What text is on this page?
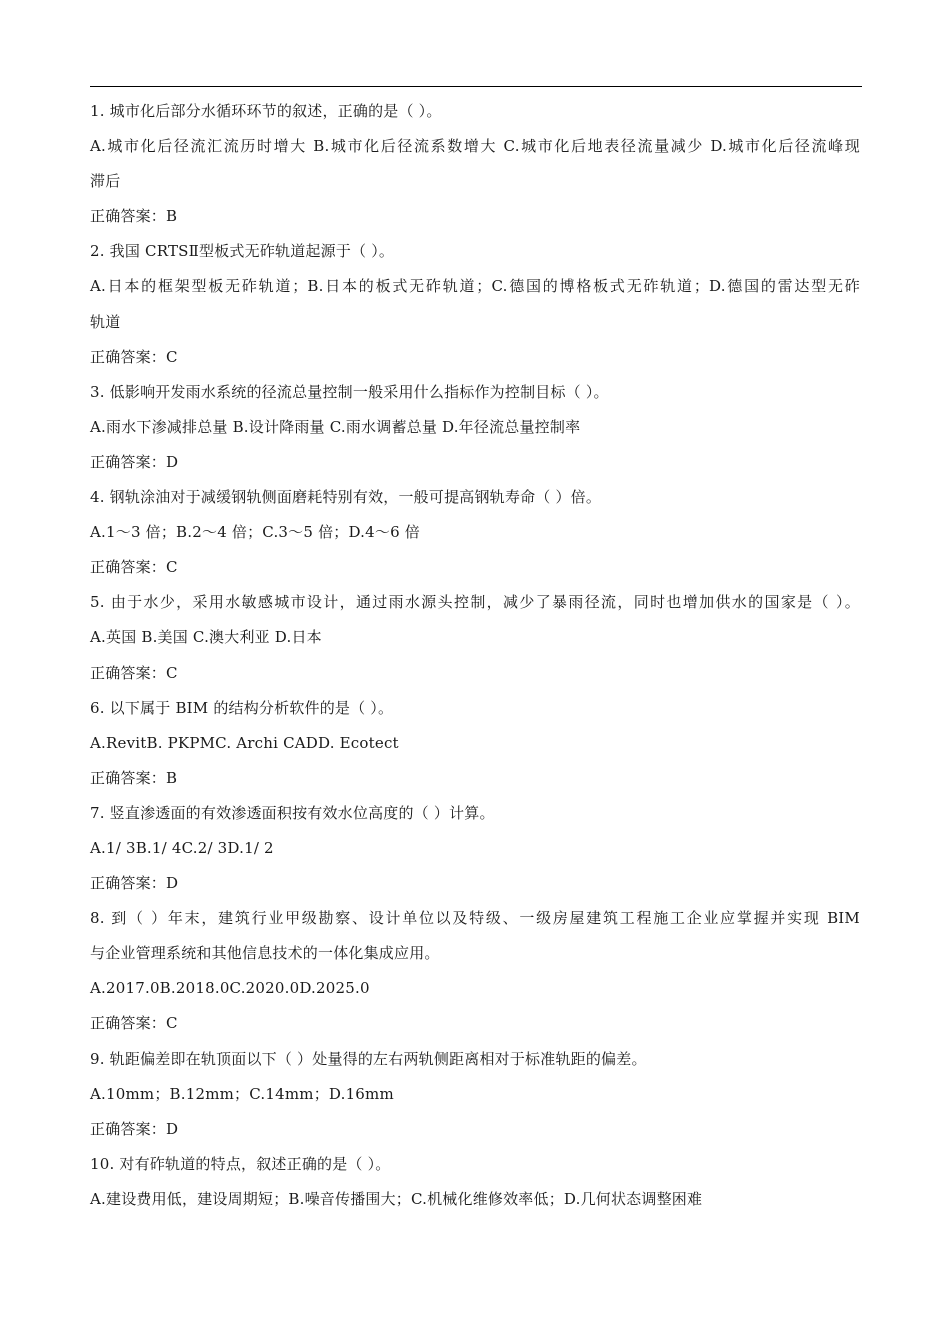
1. 城市化后部分水循环环节的叙述，正确的是（ ）。
A.城市化后径流汇流历时增大 B.城市化后径流系数增大 C.城市化后地表径流量减少 D.城市化后径流峰现
滞后
正确答案：B
2. 我国 CRTSⅡ型板式无砟轨道起源于（ ）。
A.日本的框架型板无砟轨道；B.日本的板式无砟轨道；C.德国的博格板式无砟轨道；D.德国的雷达型无砟
轨道
正确答案：C
3. 低影响开发雨水系统的径流总量控制一般采用什么指标作为控制目标（ ）。
A.雨水下渗减排总量 B.设计降雨量 C.雨水调蓄总量 D.年径流总量控制率
正确答案：D
4. 钢轨涂油对于减缓钢轨侧面磨耗特别有效，一般可提高钢轨寿命（ ）倍。
A.1～3 倍；B.2～4 倍；C.3～5 倍；D.4～6 倍
正确答案：C
5. 由于水少，采用水敏感城市设计，通过雨水源头控制，减少了暴雨径流，同时也增加供水的国家是（ ）。
A.英国 B.美国 C.澳大利亚 D.日本
正确答案：C
6. 以下属于 BIM 的结构分析软件的是（ ）。
A.RevitB. PKPMC. Archi CADD. Ecotect
正确答案：B
7. 竖直渗透面的有效渗透面积按有效水位高度的（ ）计算。
A.1/ 3B.1/ 4C.2/ 3D.1/ 2
正确答案：D
8. 到（ ）年末，建筑行业甲级勘察、设计单位以及特级、一级房屋建筑工程施工企业应掌握并实现 BIM
与企业管理系统和其他信息技术的一体化集成应用。
A.2017.0B.2018.0C.2020.0D.2025.0
正确答案：C
9. 轨距偏差即在轨顶面以下（ ）处量得的左右两轨侧距离相对于标准轨距的偏差。
A.10mm；B.12mm；C.14mm；D.16mm
正确答案：D
10. 对有砟轨道的特点，叙述正确的是（ ）。
A.建设费用低，建设周期短；B.噪音传播围大；C.机械化维修效率低；D.几何状态调整困难
